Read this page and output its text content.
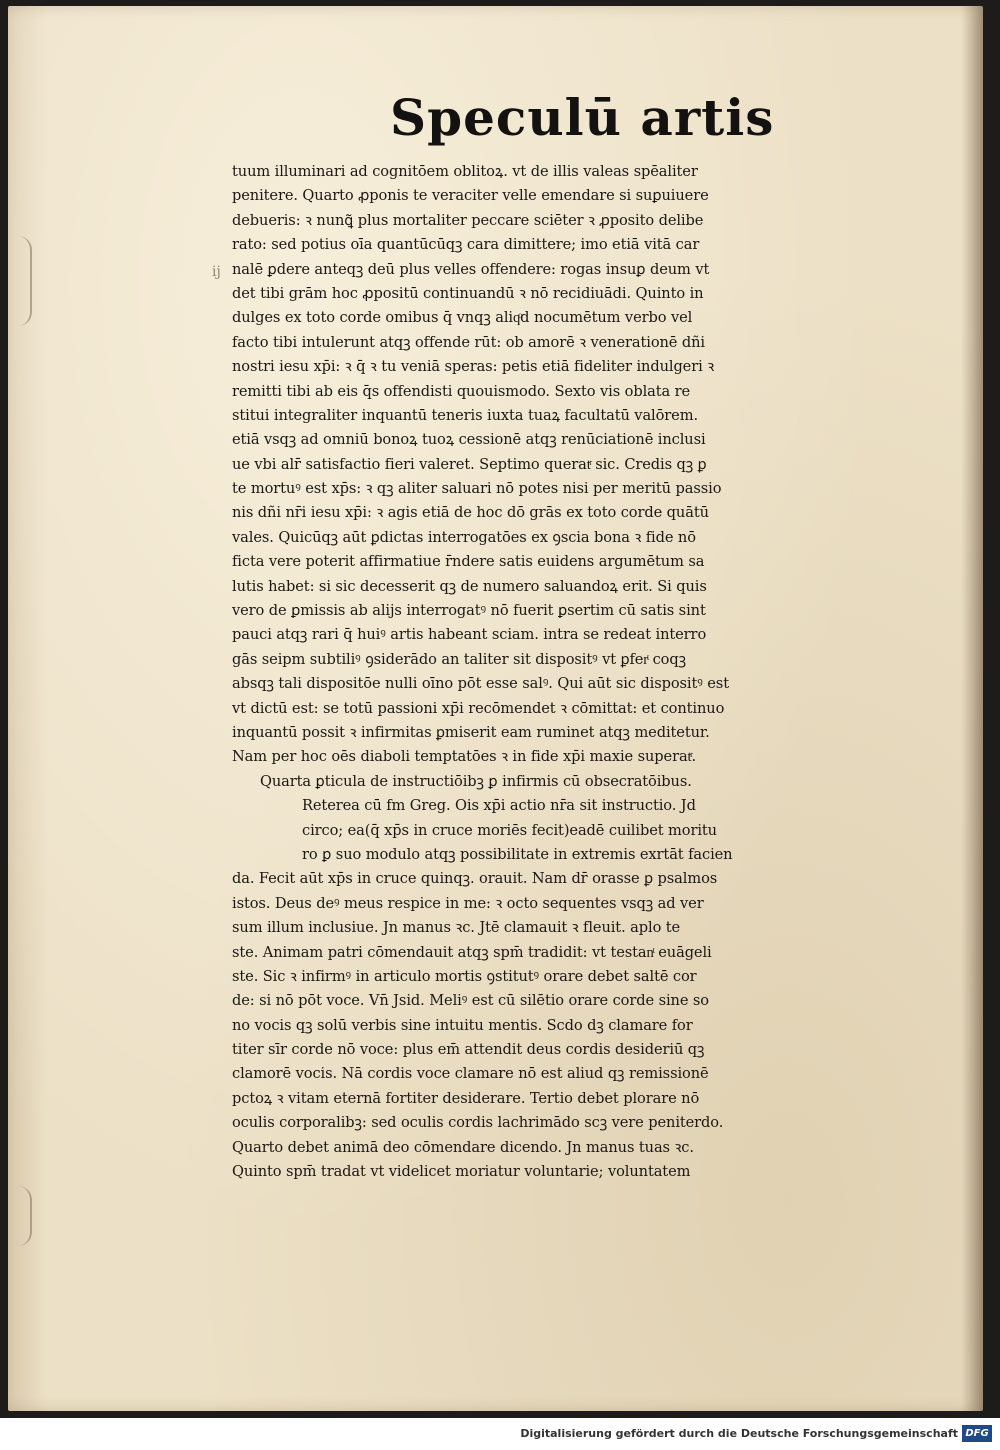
ij
Speculū artis
tuum illuminari ad cognitōem oblitoꝝ. vt de illis valeas spēaliter
penitere. Quarto ꝓponis te veraciter velle emendare si suꝑuiuere
debueris: ꝛ nunꝗ͂ plus mortaliter peccare sciēter ꝛ ꝓposito delibe
rato: sed potius oīa quantūcūqꝫ cara dimittere; imo etiā vitā car
nalē ꝑdere anteqꝫ deū plus velles offendere: rogas insuꝑ deum vt
det tibi grām hoc ꝓpositū continuandū ꝛ nō recidiuādi. Quinto in
dulges ex toto corde omibus q̄ vnqꝫ aliqͦd nocumētum verbo vel
facto tibi intulerunt atqꝫ offende rūt: ob amorē ꝛ venerationē dñi
nostri iesu xp̄i: ꝛ q̄ ꝛ tu veniā speras: petis etiā fideliter indulgeri ꝛ
remitti tibi ab eis q̄s offendisti quouismodo. Sexto vis oblata re
stitui integraliter inquantū teneris iuxta tuaꝝ facultatū valōrem.
etiā vsqꝫ ad omniū bonoꝝ tuoꝝ cessionē atqꝫ renūciationē inclusi
ue vbi alr̄ satisfactio fieri valeret. Septimo queratͬ sic. Credis qꝫ ꝑ
te mortuꝰ est xp̄s: ꝛ qꝫ aliter saluari nō potes nisi per meritū passio
nis dñi nr̄i iesu xp̄i: ꝛ agis etiā de hoc dō grās ex toto corde quātū
vales. Quicūqꝫ aūt ꝑdictas interrogatōes ex ꝯscia bona ꝛ fide nō
ficta vere poterit affirmatiue r̄ndere satis euidens argumētum sa
lutis habet: si sic decesserit qꝫ de numero saluandoꝝ erit. Si quis
vero de ꝑmissis ab alijs interrogatꝰ nō fuerit ꝑsertim cū satis sint
pauci atqꝫ rari q̄ huiꝰ artis habeant sciam. intra se redeat interro
gās seipm subtiliꝰ ꝯsiderādo an taliter sit dispositꝰ vt ꝑferͭ coqꝫ
absqꝫ tali dispositōe nulli oīno pōt esse salꝰ. Qui aūt sic dispositꝰ est
vt dictū est: se totū passioni xp̄i recōmendet ꝛ cōmittat: et continuo
inquantū possit ꝛ infirmitas ꝑmiserit eam ruminet atqꝫ meditetur.
Nam per hoc oēs diaboli temptatōes ꝛ in fide xp̄i maxie superatͬ.
Quarta ꝑticula de instructiōibꝫ ꝑ infirmis cū obsecratōibus.
Reterea cū fm Greg. Ois xp̄i actio nr̄a sit instructio. Jd
circo; ea(q̄ xp̄s in cruce moriēs fecit)eadē cuilibet moritu
ro ꝑ suo modulo atqꝫ possibilitate in extremis exrtāt facien
da. Fecit aūt xp̄s in cruce quinqꝫ. orauit. Nam dr̄ orasse ꝑ psalmos
istos. Deus deꝰ meus respice in me: ꝛ octo sequentes vsqꝫ ad ver
sum illum inclusiue. Jn manus ꝛc. Jtē clamauit ꝛ fleuit. aplo te
ste. Animam patri cōmendauit atqꝫ spm̄ tradidit: vt testanͭ euāgeli
ste. Sic ꝛ infirmꝰ in articulo mortis ꝯstitutꝰ orare debet saltē cor
de: si nō pōt voce. Vn̄ Jsid. Meliꝰ est cū silētio orare corde sine so
no vocis qꝫ solū verbis sine intuitu mentis. Scdo dꝫ clamare for
titer sīr corde nō voce: plus em̄ attendit deus cordis desideriū qꝫ
clamorē vocis. Nā cordis voce clamare nō est aliud qꝫ remissionē
pctoꝝ ꝛ vitam eternā fortiter desiderare. Tertio debet plorare nō
oculis corporalibꝫ: sed oculis cordis lachrimādo scꝫ vere peniterdo.
Quarto debet animā deo cōmendare dicendo. Jn manus tuas ꝛc.
Quinto spm̄ tradat vt videlicet moriatur voluntarie; voluntatem
Digitalisierung gefördert durch die Deutsche Forschungsgemeinschaft DFG
